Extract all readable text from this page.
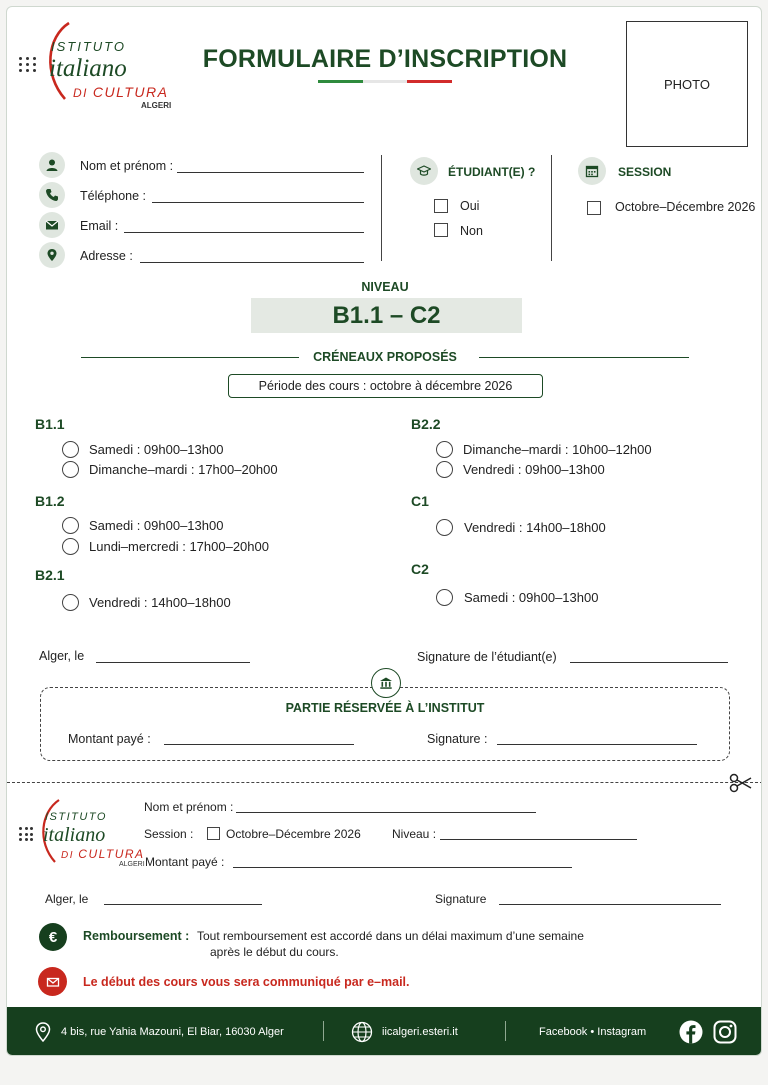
ISTITUTO
italiano
DI CULTURA
ALGERI
FORMULAIRE D’INSCRIPTION
PHOTO
Nom et prénom :
Téléphone :
Email :
Adresse :
ÉTUDIANT(E) ?
Oui
Non
SESSION
Octobre–Décembre 2026
NIVEAU
B1.1 – C2
CRÉNEAUX PROPOSÉS
Période des cours : octobre à décembre 2026
B1.1
Samedi : 09h00–13h00
Dimanche–mardi : 17h00–20h00
B1.2
Samedi : 09h00–13h00
Lundi–mercredi : 17h00–20h00
B2.1
Vendredi : 14h00–18h00
B2.2
Dimanche–mardi : 10h00–12h00
Vendredi : 09h00–13h00
C1
Vendredi : 14h00–18h00
C2
Samedi : 09h00–13h00
Alger, le	Signature de l’étudiant(e)
PARTIE RÉSERVÉE À L’INSTITUT
Montant payé :	Signature :
ISTITUTO
italiano
DI CULTURA
ALGERI
Nom et prénom :
Session :	Octobre–Décembre 2026	Niveau :
Montant payé :
Alger, le	Signature
€ Remboursement : Tout remboursement est accordé dans un délai maximum d’une semaine
après le début du cours.
Le début des cours vous sera communiqué par e–mail.
4 bis, rue Yahia Mazouni, El Biar, 16030 Alger	iicalgeri.esteri.it	Facebook • Instagram
